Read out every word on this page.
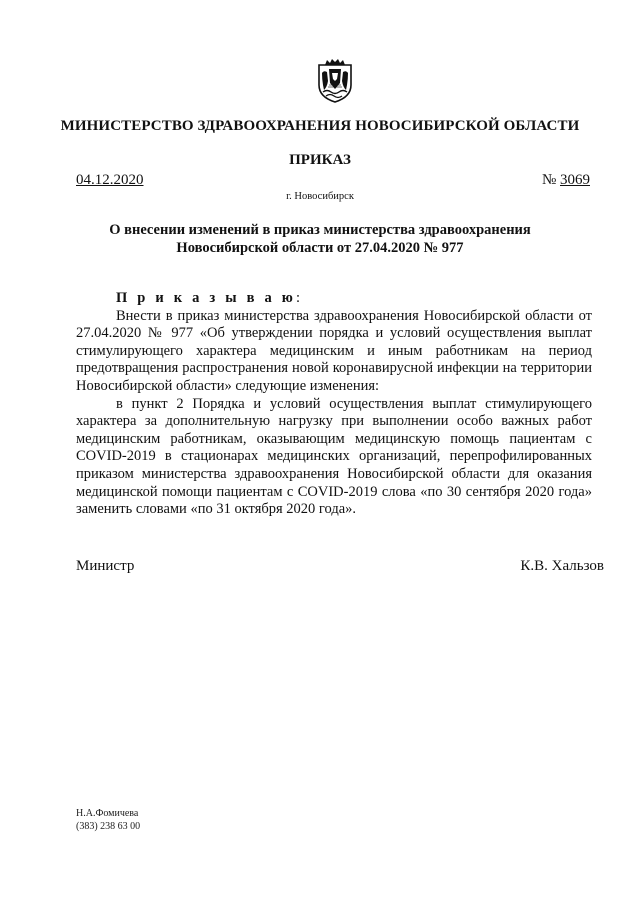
МИНИСТЕРСТВО ЗДРАВООХРАНЕНИЯ НОВОСИБИРСКОЙ ОБЛАСТИ
ПРИКАЗ
04.12.2020	№ 3069
г. Новосибирск
О внесении изменений в приказ министерства здравоохранения
Новосибирской области от 27.04.2020 № 977

П р и к а з ы в а ю:

Внести в приказ министерства здравоохранения Новосибирской области от 27.04.2020 № 977 «Об утверждении порядка и условий осуществления выплат стимулирующего характера медицинским и иным работникам на период предотвращения распространения новой коронавирусной инфекции на территории Новосибирской области» следующие изменения:

в пункт 2 Порядка и условий осуществления выплат стимулирующего характера за дополнительную нагрузку при выполнении особо важных работ медицинским работникам, оказывающим медицинскую помощь пациентам с COVID-2019 в стационарах медицинских организаций, перепрофилированных приказом министерства здравоохранения Новосибирской области для оказания медицинской помощи пациентам с COVID-2019 слова «по 30 сентября 2020 года» заменить словами «по 31 октября 2020 года».

Министр	К.В. Хальзов
Н.А.Фомичева
(383) 238 63 00
